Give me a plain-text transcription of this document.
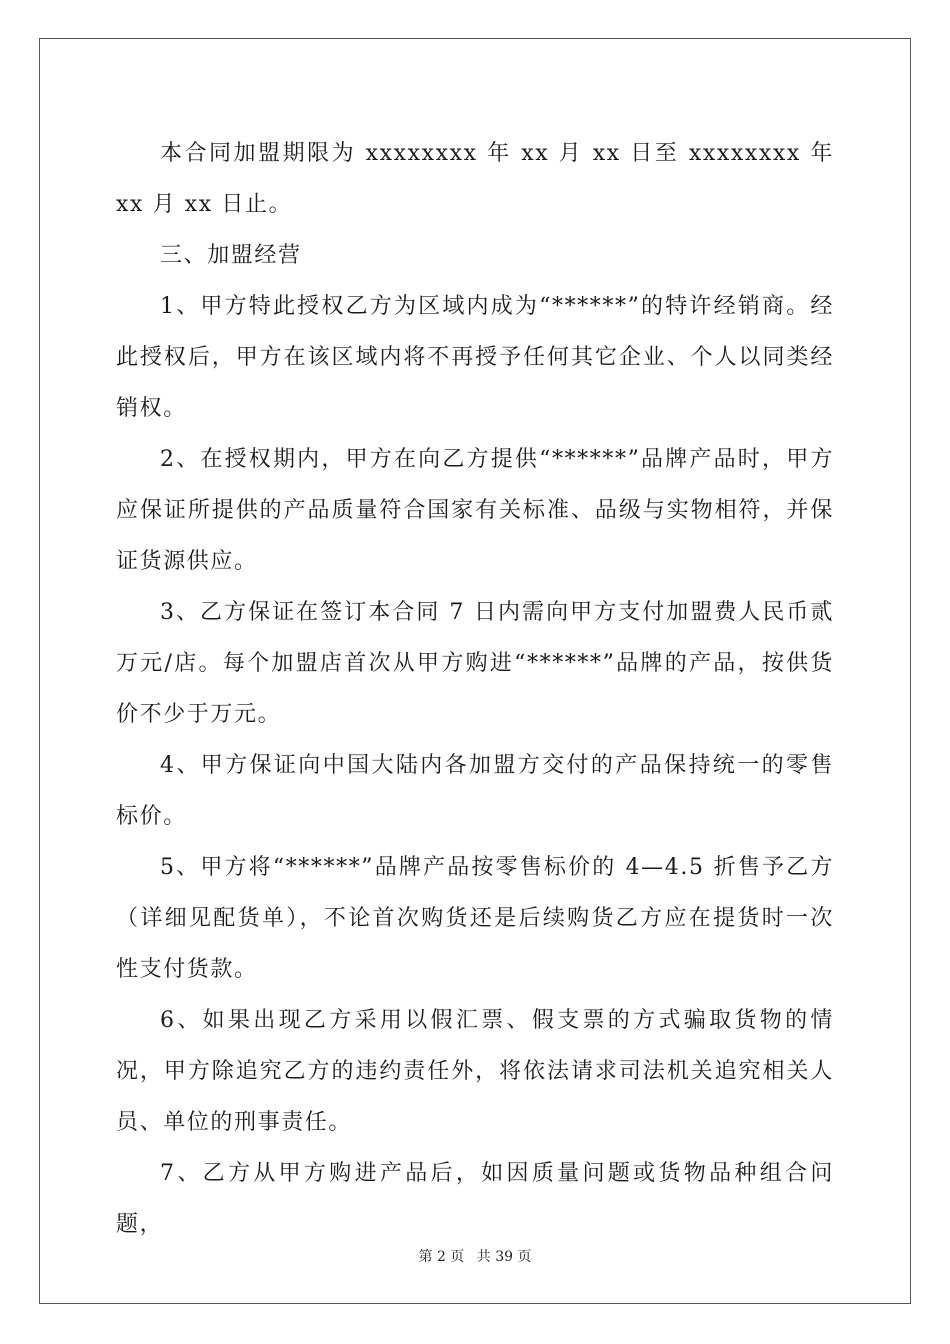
本合同加盟期限为 xxxxxxxx 年 xx 月 xx 日至 xxxxxxxx 年 xx 月 xx 日止。

三、加盟经营

1、甲方特此授权乙方为区域内成为“******”的特许经销商。经此授权后，甲方在该区域内将不再授予任何其它企业、个人以同类经销权。

2、在授权期内，甲方在向乙方提供“******”品牌产品时，甲方应保证所提供的产品质量符合国家有关标准、品级与实物相符，并保证货源供应。

3、乙方保证在签订本合同 7 日内需向甲方支付加盟费人民币贰万元/店。每个加盟店首次从甲方购进“******”品牌的产品，按供货价不少于万元。

4、甲方保证向中国大陆内各加盟方交付的产品保持统一的零售标价。

5、甲方将“******”品牌产品按零售标价的 4—4.5 折售予乙方（详细见配货单），不论首次购货还是后续购货乙方应在提货时一次性支付货款。

6、如果出现乙方采用以假汇票、假支票的方式骗取货物的情况，甲方除追究乙方的违约责任外，将依法请求司法机关追究相关人员、单位的刑事责任。

7、乙方从甲方购进产品后，如因质量问题或货物品种组合问题，

第 2 页 共 39 页
